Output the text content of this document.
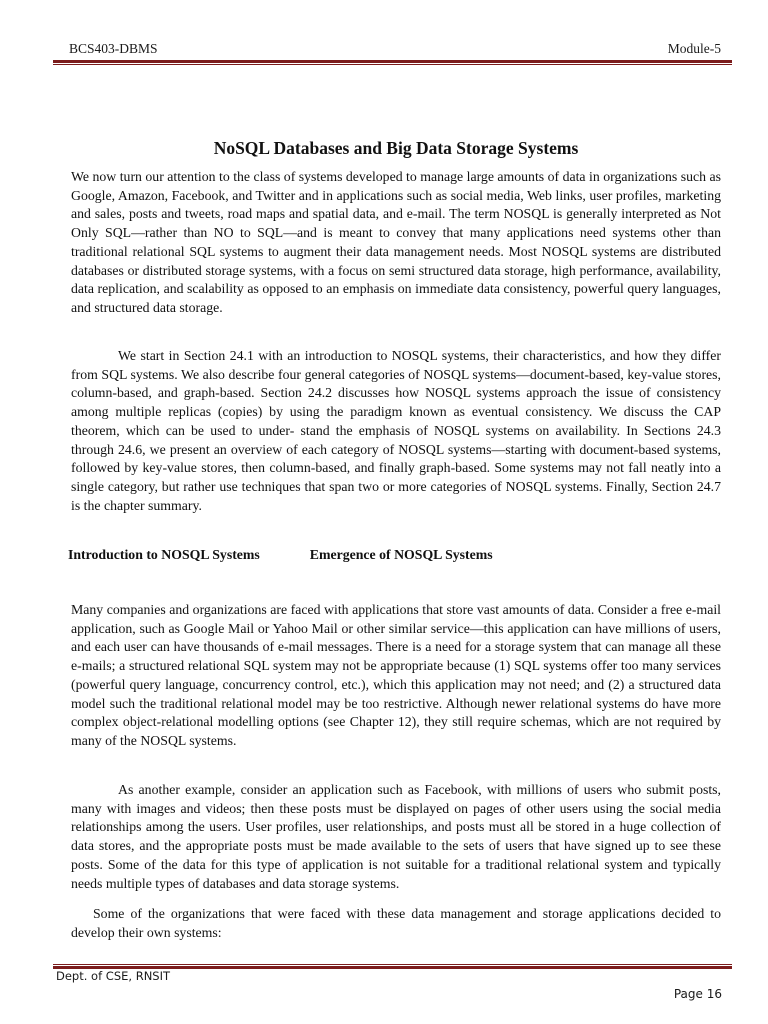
BCS403-DBMS	Module-5
NoSQL Databases and Big Data Storage Systems

We now turn our attention to the class of systems developed to manage large amounts of data in organizations such as Google, Amazon, Facebook, and Twitter and in applications such as social media, Web links, user profiles, marketing and sales, posts and tweets, road maps and spatial data, and e-mail. The term NOSQL is generally interpreted as Not Only SQL—rather than NO to SQL—and is meant to convey that many applications need systems other than traditional relational SQL systems to augment their data management needs. Most NOSQL systems are distributed databases or distributed storage systems, with a focus on semi structured data storage, high performance, availability, data replication, and scalability as opposed to an emphasis on immediate data consistency, powerful query languages, and structured data storage.

We start in Section 24.1 with an introduction to NOSQL systems, their characteristics, and how they differ from SQL systems. We also describe four general categories of NOSQL systems—document-based, key-value stores, column-based, and graph-based. Section 24.2 discusses how NOSQL systems approach the issue of consistency among multiple replicas (copies) by using the paradigm known as eventual consistency. We discuss the CAP theorem, which can be used to under- stand the emphasis of NOSQL systems on availability. In Sections 24.3 through 24.6, we present an overview of each category of NOSQL systems—starting with document-based systems, followed by key-value stores, then column-based, and finally graph-based. Some systems may not fall neatly into a single category, but rather use techniques that span two or more categories of NOSQL systems. Finally, Section 24.7 is the chapter summary.

Introduction to NOSQL Systems	Emergence of NOSQL Systems

Many companies and organizations are faced with applications that store vast amounts of data. Consider a free e-mail application, such as Google Mail or Yahoo Mail or other similar service—this application can have millions of users, and each user can have thousands of e-mail messages. There is a need for a storage system that can manage all these e-mails; a structured relational SQL system may not be appropriate because (1) SQL systems offer too many services (powerful query language, concurrency control, etc.), which this application may not need; and (2) a structured data model such the traditional relational model may be too restrictive. Although newer relational systems do have more complex object-relational modelling options (see Chapter 12), they still require schemas, which are not required by many of the NOSQL systems.

As another example, consider an application such as Facebook, with millions of users who submit posts, many with images and videos; then these posts must be displayed on pages of other users using the social media relationships among the users. User profiles, user relationships, and posts must all be stored in a huge collection of data stores, and the appropriate posts must be made available to the sets of users that have signed up to see these posts. Some of the data for this type of application is not suitable for a traditional relational system and typically needs multiple types of databases and data storage systems.

Some of the organizations that were faced with these data management and storage applications decided to develop their own systems:

Dept. of CSE, RNSIT
Page 16
